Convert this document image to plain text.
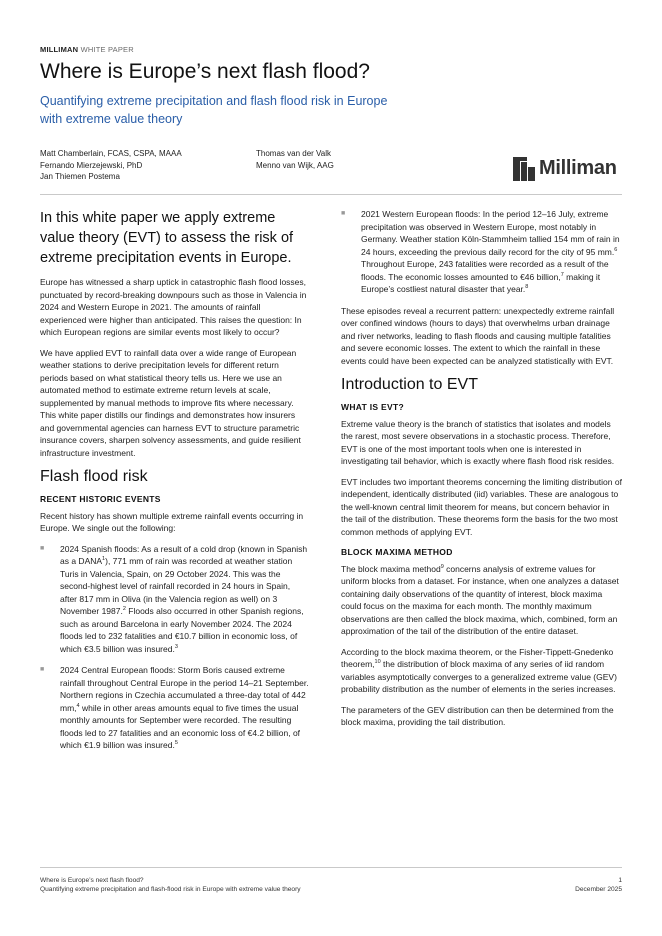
MILLIMAN WHITE PAPER
Where is Europe’s next flash flood?
Quantifying extreme precipitation and flash flood risk in Europe with extreme value theory
Matt Chamberlain, FCAS, CSPA, MAAA
Fernando Mierzejewski, PhD
Jan Thiemen Postema
Thomas van der Valk
Menno van Wijk, AAG	Milliman
In this white paper we apply extreme value theory (EVT) to assess the risk of extreme precipitation events in Europe.
Europe has witnessed a sharp uptick in catastrophic flash flood losses, punctuated by record-breaking downpours such as those in Valencia in 2024 and Western Europe in 2021. The amounts of rainfall experienced were higher than anticipated. This raises the question: In which European regions are similar events most likely to occur?
We have applied EVT to rainfall data over a wide range of European weather stations to derive precipitation levels for different return periods based on what statistical theory tells us. Here we use an automated method to estimate extreme return levels at scale, supplemented by manual methods to improve fits where necessary. This white paper distills our findings and demonstrates how insurers and governmental agencies can harness EVT to structure parametric insurance covers, sharpen solvency assessments, and guide resilient infrastructure investment.
Flash flood risk
RECENT HISTORIC EVENTS
Recent history has shown multiple extreme rainfall events occurring in Europe. We single out the following:
■ 2024 Spanish floods: As a result of a cold drop (known in Spanish as a DANA$^1$), 771 mm of rain was recorded at weather station Turis in Valencia, Spain, on 29 October 2024. This was the second-highest level of rainfall recorded in 24 hours in Spain, after 817 mm in Oliva (in the Valencia region as well) on 3 November 1987.$^2$ Floods also occurred in other Spanish regions, such as around Barcelona in early November 2024. The 2024 floods led to 232 fatalities and €10.7 billion in economic loss, of which €3.5 billion was insured.$^3$
■ 2024 Central European floods: Storm Boris caused extreme rainfall throughout Central Europe in the period 14–21 September. Northern regions in Czechia accumulated a three-day total of 442 mm,$^4$ while in other areas amounts equal to five times the usual monthly amounts for September were recorded. The resulting floods led to 27 fatalities and an economic loss of €4.2 billion, of which €1.9 billion was insured.$^5$
■ 2021 Western European floods: In the period 12–16 July, extreme precipitation was observed in Western Europe, most notably in Germany. Weather station Köln-Stammheim tallied 154 mm of rain in 24 hours, exceeding the previous daily record for the city of 95 mm.$^6$ Throughout Europe, 243 fatalities were recorded as a result of the floods. The economic losses amounted to €46 billion,$^7$ making it Europe’s costliest natural disaster that year.$^8$
These episodes reveal a recurrent pattern: unexpectedly extreme rainfall over confined windows (hours to days) that overwhelms urban drainage and river networks, leading to flash floods and causing multiple fatalities and severe economic losses. The extent to which the rainfall in these events could have been expected can be analyzed statistically with EVT.
Introduction to EVT
WHAT IS EVT?
Extreme value theory is the branch of statistics that isolates and models the rarest, most severe observations in a stochastic process. Therefore, EVT is one of the most important tools when one is interested in investigating tail behavior, which is exactly where flash flood risk resides.
EVT includes two important theorems concerning the limiting distribution of independent, identically distributed (iid) variables. These are analogous to the well-known central limit theorem for means, but concern behavior in the tail of the distribution. These theorems form the basis for the two most common methods of applying EVT.
BLOCK MAXIMA METHOD
The block maxima method$^9$ concerns analysis of extreme values for uniform blocks from a dataset. For instance, when one analyzes a dataset containing daily observations of the quantity of interest, block maxima could focus on the maxima for each month. The monthly maximum observations are then called the block maxima, which, combined, form an approximation of the tail of the distribution of the entire dataset.
According to the block maxima theorem, or the Fisher-Tippett-Gnedenko theorem,$^{10}$ the distribution of block maxima of any series of iid random variables asymptotically converges to a generalized extreme value (GEV) probability distribution as the number of elements in the series increases.
The parameters of the GEV distribution can then be determined from the block maxima, providing the tail distribution.
Where is Europe’s next flash flood?
Quantifying extreme precipitation and flash-flood risk in Europe with extreme value theory
1
December 2025
